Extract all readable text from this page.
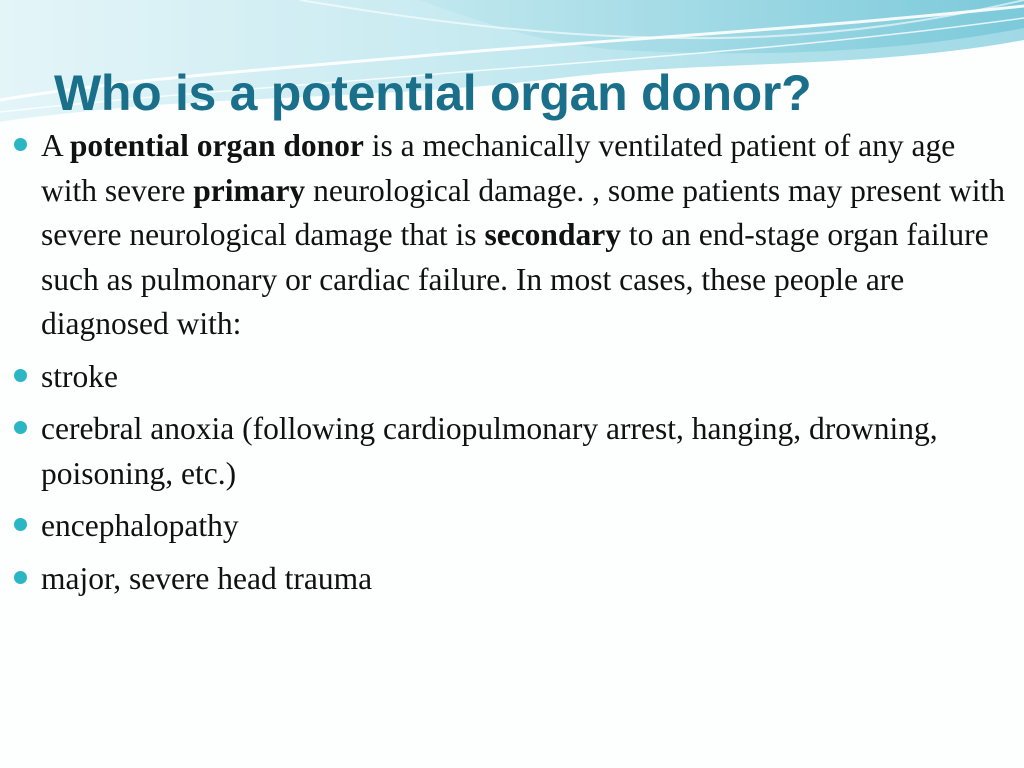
Who is a potential organ donor?
A potential organ donor is a mechanically ventilated patient of any age with severe primary neurological damage. , some patients may present with severe neurological damage that is secondary to an end-stage organ failure such as pulmonary or cardiac failure. In most cases, these people are diagnosed with:
stroke
cerebral anoxia (following cardiopulmonary arrest, hanging, drowning, poisoning, etc.)
encephalopathy
major, severe head trauma
